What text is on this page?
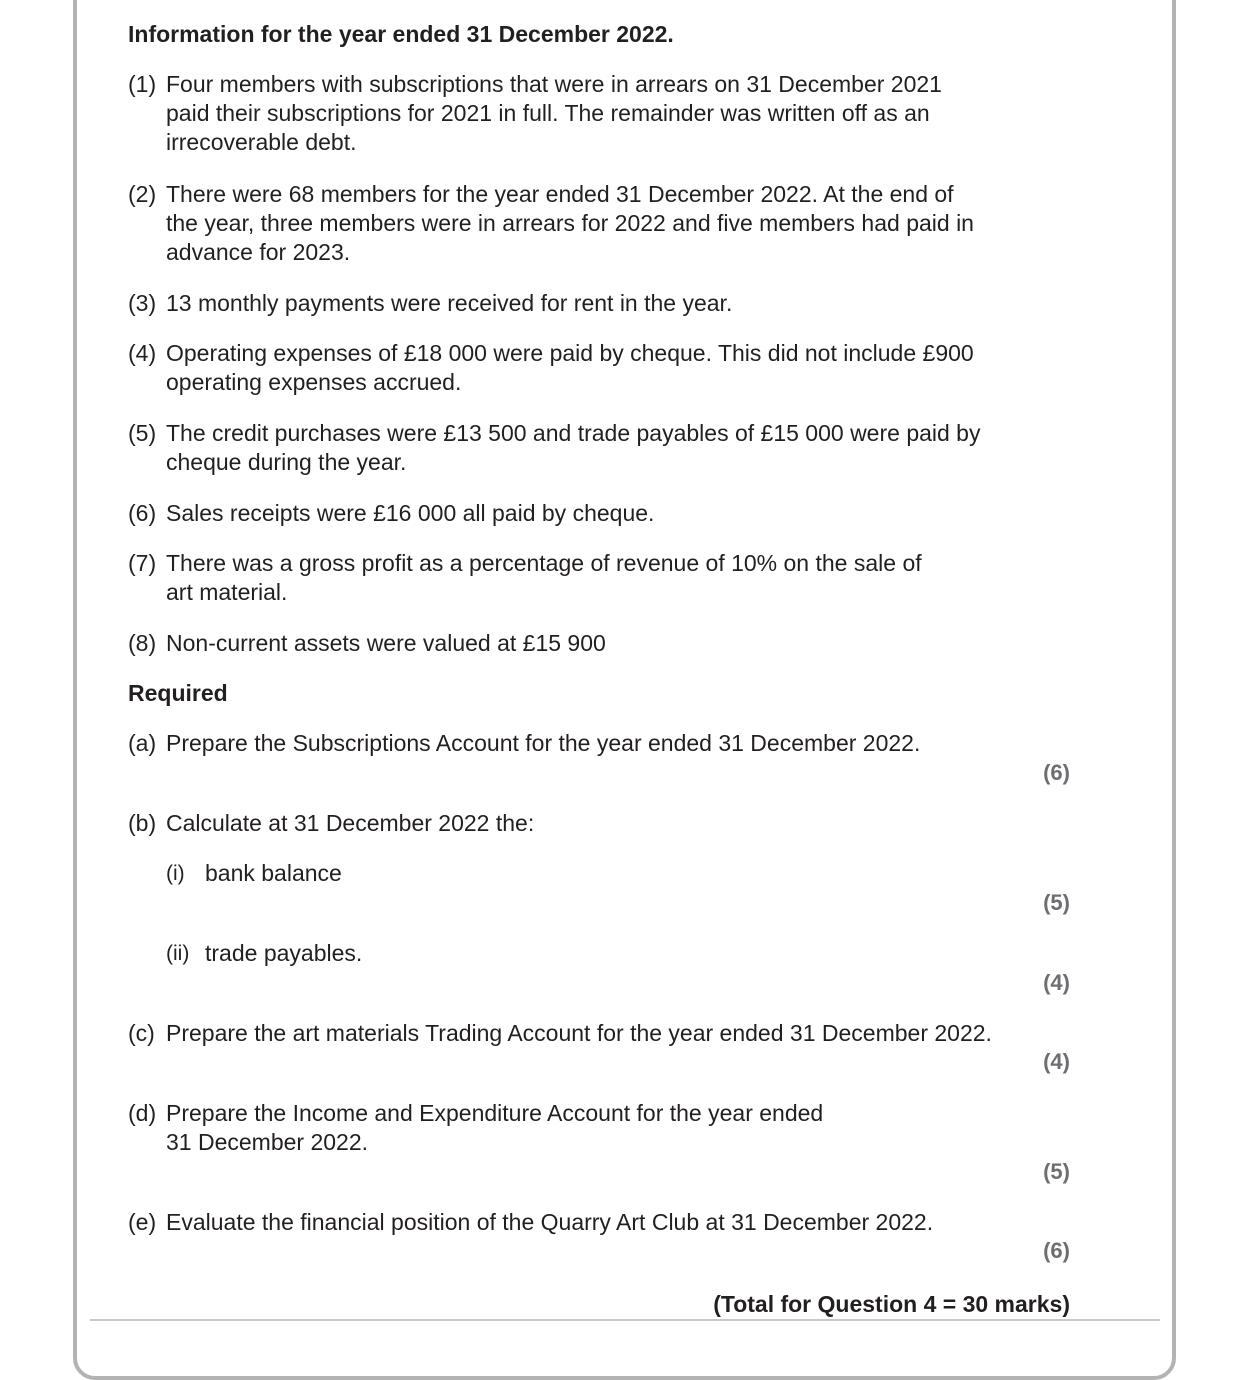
Information for the year ended 31 December 2022.
(1) Four members with subscriptions that were in arrears on 31 December 2021
paid their subscriptions for 2021 in full. The remainder was written off as an
irrecoverable debt.
(2) There were 68 members for the year ended 31 December 2022. At the end of
the year, three members were in arrears for 2022 and five members had paid in
advance for 2023.
(3) 13 monthly payments were received for rent in the year.
(4) Operating expenses of £18 000 were paid by cheque. This did not include £900
operating expenses accrued.
(5) The credit purchases were £13 500 and trade payables of £15 000 were paid by
cheque during the year.
(6) Sales receipts were £16 000 all paid by cheque.
(7) There was a gross profit as a percentage of revenue of 10% on the sale of
art material.
(8) Non-current assets were valued at £15 900
Required
(a) Prepare the Subscriptions Account for the year ended 31 December 2022.
(6)
(b) Calculate at 31 December 2022 the:
(i) bank balance
(5)
(ii) trade payables.
(4)
(c) Prepare the art materials Trading Account for the year ended 31 December 2022.
(4)
(d) Prepare the Income and Expenditure Account for the year ended
31 December 2022.
(5)
(e) Evaluate the financial position of the Quarry Art Club at 31 December 2022.
(6)
(Total for Question 4 = 30 marks)
